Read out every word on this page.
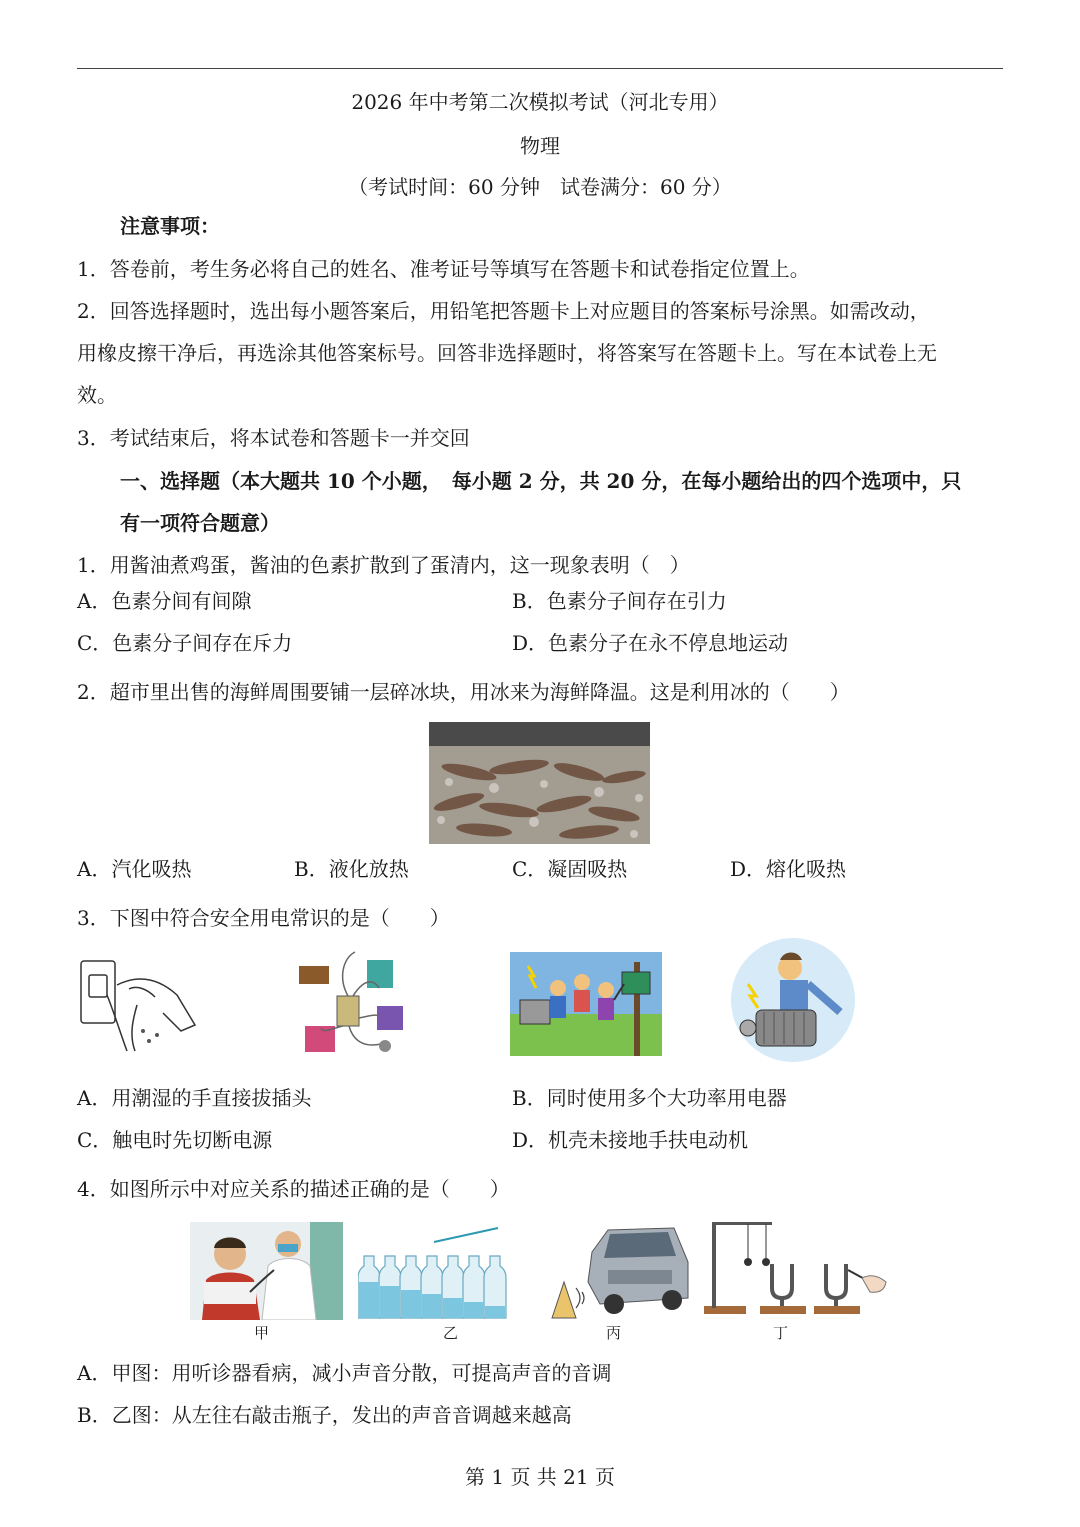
2026 年中考第二次模拟考试（河北专用）
物理
（考试时间：60 分钟　试卷满分：60 分）
注意事项：
1．答卷前，考生务必将自己的姓名、准考证号等填写在答题卡和试卷指定位置上。
2．回答选择题时，选出每小题答案后，用铅笔把答题卡上对应题目的答案标号涂黑。如需改动，
用橡皮擦干净后，再选涂其他答案标号。回答非选择题时，将答案写在答题卡上。写在本试卷上无
效。
3．考试结束后，将本试卷和答题卡一并交回
一、选择题（本大题共 10 个小题，　每小题 2 分，共 20 分，在每小题给出的四个选项中，只
有一项符合题意）
1．用酱油煮鸡蛋，酱油的色素扩散到了蛋清内，这一现象表明（　）
A．色素分间有间隙	B．色素分子间存在引力
C．色素分子间存在斥力	D．色素分子在永不停息地运动
2．超市里出售的海鲜周围要铺一层碎冰块，用冰来为海鲜降温。这是利用冰的（　　）
A．汽化吸热	B．液化放热	C．凝固吸热	D．熔化吸热
3．下图中符合安全用电常识的是（　　）
A．用潮湿的手直接拔插头	B．同时使用多个大功率用电器
C．触电时先切断电源	D．机壳未接地手扶电动机
4．如图所示中对应关系的描述正确的是（　　）
甲	乙	丙	丁
A．甲图：用听诊器看病，减小声音分散，可提高声音的音调
B．乙图：从左往右敲击瓶子，发出的声音音调越来越高
第 1 页 共 21 页
